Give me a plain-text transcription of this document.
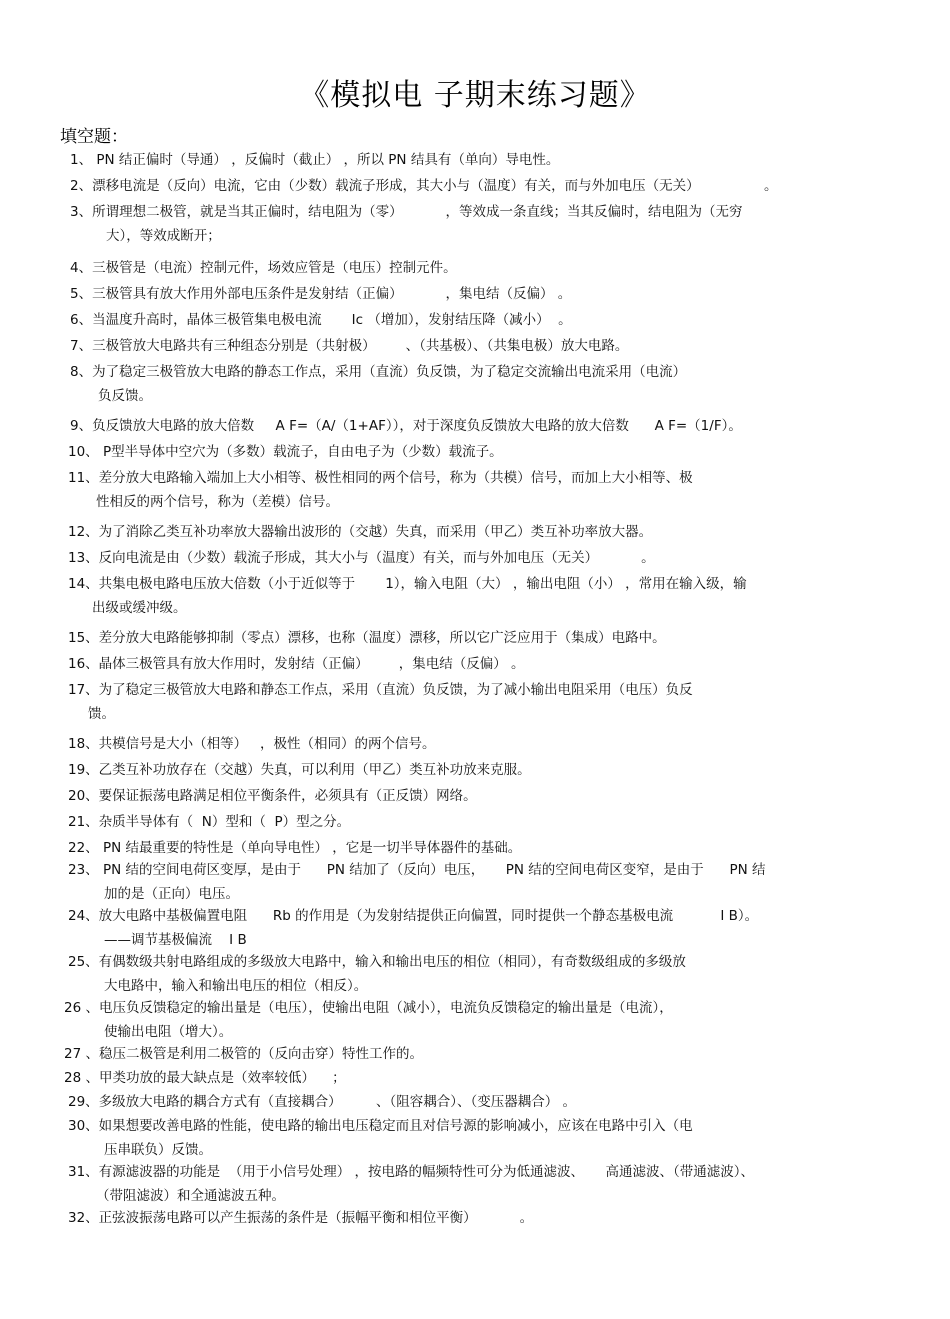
《模拟电 子期末练习题》
填空题：
1、 PN 结正偏时（导通） ，反偏时（截止） ，所以 PN 结具有（单向）导电性。
2、漂移电流是（反向）电流，它由（少数）载流子形成，其大小与（温度）有关，而与外加电压（无关）               。
3、所谓理想二极管，就是当其正偏时，结电阻为（零）          ，等效成一条直线；当其反偏时，结电阻为（无穷
大），等效成断开；
4、三极管是（电流）控制元件，场效应管是（电压）控制元件。
5、三极管具有放大作用外部电压条件是发射结（正偏）          ，集电结（反偏） 。
6、当温度升高时，晶体三极管集电极电流       Ic （增加），发射结压降（减小）  。
7、三极管放大电路共有三种组态分别是（共射极）       、（共基极）、（共集电极）放大电路。
8、为了稳定三极管放大电路的静态工作点，采用（直流）负反馈，为了稳定交流输出电流采用（电流）
负反馈。
9、负反馈放大电路的放大倍数     A F=（A/（1+AF）），对于深度负反馈放大电路的放大倍数      A F=（1/F）。
10、 P型半导体中空穴为（多数）载流子，自由电子为（少数）载流子。
11、差分放大电路输入端加上大小相等、极性相同的两个信号，称为（共模）信号，而加上大小相等、极
性相反的两个信号，称为（差模）信号。
12、为了消除乙类互补功率放大器输出波形的（交越）失真，而采用（甲乙）类互补功率放大器。
13、反向电流是由（少数）载流子形成，其大小与（温度）有关，而与外加电压（无关）          。
14、共集电极电路电压放大倍数（小于近似等于       1），输入电阻（大） ，输出电阻（小） ，常用在输入级，输
出级或缓冲级。
15、差分放大电路能够抑制（零点）漂移，也称（温度）漂移，所以它广泛应用于（集成）电路中。
16、晶体三极管具有放大作用时，发射结（正偏）       ，集电结（反偏） 。
17、为了稳定三极管放大电路和静态工作点，采用（直流）负反馈，为了减小输出电阻采用（电压）负反
馈。
18、共模信号是大小（相等）   ，极性（相同）的两个信号。
19、乙类互补功放存在（交越）失真，可以利用（甲乙）类互补功放来克服。
20、要保证振荡电路满足相位平衡条件，必须具有（正反馈）网络。
21、杂质半导体有（  N）型和（  P）型之分。
22、 PN 结最重要的特性是（单向导电性） ，它是一切半导体器件的基础。
23、 PN 结的空间电荷区变厚，是由于      PN 结加了（反向）电压，     PN 结的空间电荷区变窄，是由于      PN 结
加的是（正向）电压。
24、放大电路中基极偏置电阻      Rb 的作用是（为发射结提供正向偏置，同时提供一个静态基极电流           I B）。
——调节基极偏流    I B
25、有偶数级共射电路组成的多级放大电路中，输入和输出电压的相位（相同），有奇数级组成的多级放
大电路中，输入和输出电压的相位（相反）。
26 、电压负反馈稳定的输出量是（电压），使输出电阻（减小），电流负反馈稳定的输出量是（电流），
使输出电阻（增大）。
27 、稳压二极管是利用二极管的（反向击穿）特性工作的。
28 、甲类功放的最大缺点是（效率较低）    ；
29、多级放大电路的耦合方式有（直接耦合）        、（阻容耦合）、（变压器耦合） 。
30、如果想要改善电路的性能，使电路的输出电压稳定而且对信号源的影响减小，应该在电路中引入（电
压串联负）反馈。
31、有源滤波器的功能是  （用于小信号处理） ，按电路的幅频特性可分为低通滤波、     高通滤波、（带通滤波）、
（带阻滤波）和全通滤波五种。
32、正弦波振荡电路可以产生振荡的条件是（振幅平衡和相位平衡）          。
